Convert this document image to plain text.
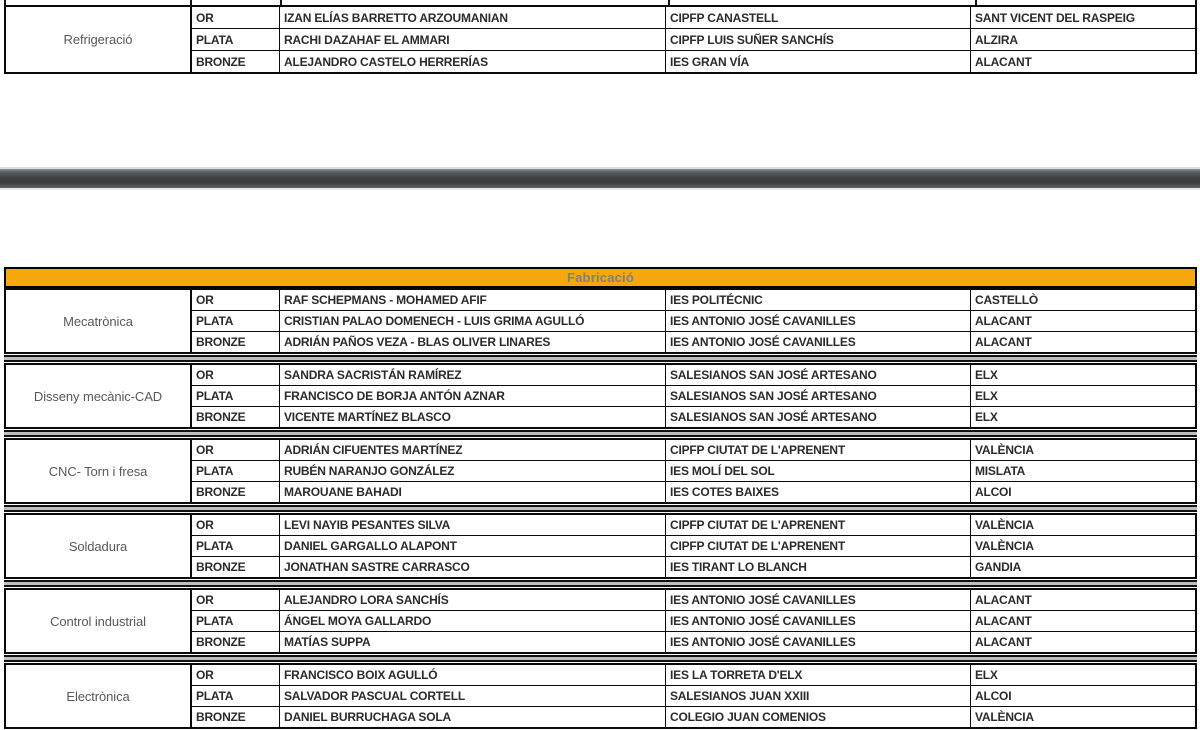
Refrigeració
OR	IZAN ELÍAS BARRETTO ARZOUMANIAN	CIPFP CANASTELL	SANT VICENT DEL RASPEIG
PLATA	RACHI DAZAHAF EL AMMARI	CIPFP LUIS SUÑER SANCHÍS	ALZIRA
BRONZE	ALEJANDRO CASTELO HERRERÍAS	IES GRAN VÍA	ALACANT
Fabricació
Mecatrònica
OR	RAF SCHEPMANS - MOHAMED AFIF	IES POLITÉCNIC	CASTELLÒ
PLATA	CRISTIAN PALAO DOMENECH - LUIS GRIMA AGULLÓ	IES ANTONIO JOSÉ CAVANILLES	ALACANT
BRONZE	ADRIÁN PAÑOS VEZA - BLAS OLIVER LINARES	IES ANTONIO JOSÉ CAVANILLES	ALACANT
Disseny mecànic-CAD
OR	SANDRA SACRISTÁN RAMÍREZ	SALESIANOS SAN JOSÉ ARTESANO	ELX
PLATA	FRANCISCO DE BORJA ANTÓN AZNAR	SALESIANOS SAN JOSÉ ARTESANO	ELX
BRONZE	VICENTE MARTÍNEZ BLASCO	SALESIANOS SAN JOSÉ ARTESANO	ELX
CNC- Torn i fresa
OR	ADRIÁN CIFUENTES MARTÍNEZ	CIPFP CIUTAT DE L'APRENENT	VALÈNCIA
PLATA	RUBÉN NARANJO GONZÁLEZ	IES MOLÍ DEL SOL	MISLATA
BRONZE	MAROUANE BAHADI	IES COTES BAIXES	ALCOI
Soldadura
OR	LEVI NAYIB PESANTES SILVA	CIPFP CIUTAT DE L'APRENENT	VALÈNCIA
PLATA	DANIEL GARGALLO ALAPONT	CIPFP CIUTAT DE L'APRENENT	VALÈNCIA
BRONZE	JONATHAN SASTRE CARRASCO	IES TIRANT LO BLANCH	GANDIA
Control industrial
OR	ALEJANDRO LORA SANCHÍS	IES ANTONIO JOSÉ CAVANILLES	ALACANT
PLATA	ÁNGEL MOYA GALLARDO	IES ANTONIO JOSÉ CAVANILLES	ALACANT
BRONZE	MATÍAS SUPPA	IES ANTONIO JOSÉ CAVANILLES	ALACANT
Electrònica
OR	FRANCISCO BOIX AGULLÓ	IES LA TORRETA D'ELX	ELX
PLATA	SALVADOR PASCUAL CORTELL	SALESIANOS JUAN XXIII	ALCOI
BRONZE	DANIEL BURRUCHAGA SOLA	COLEGIO JUAN COMENIOS	VALÈNCIA
